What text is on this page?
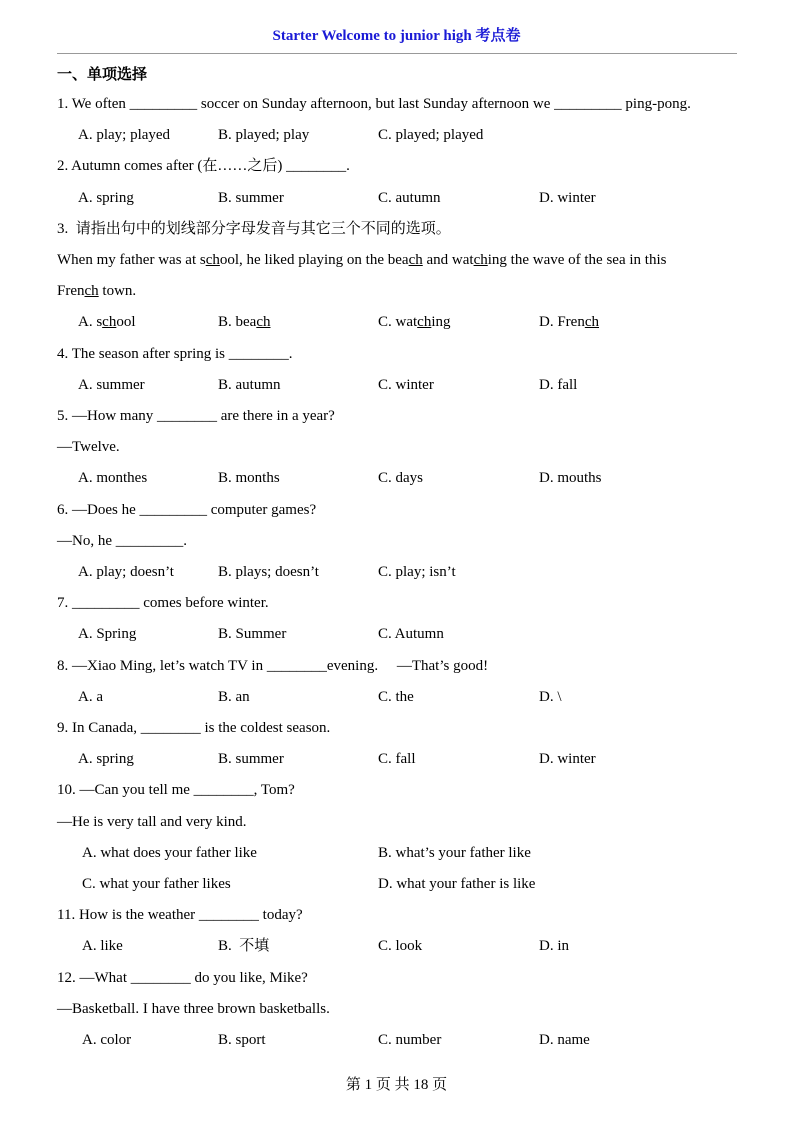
Starter Welcome to junior high 考点卷
一、单项选择
1. We often _________ soccer on Sunday afternoon, but last Sunday afternoon we _________ ping-pong.
A. play; played	B. played; play	C. played; played
2. Autumn comes after (在……之后) ________.
A. spring	B. summer	C. autumn	D. winter
3.  请指出句中的划线部分字母发音与其它三个不同的选项。
When my father was at school, he liked playing on the beach and watching the wave of the sea in this
French town.
A. school	B. beach	C. watching	D. French
4. The season after spring is ________.
A. summer	B. autumn	C. winter	D. fall
5. —How many ________ are there in a year?
—Twelve.
A. monthes	B. months	C. days	D. mouths
6. —Does he _________ computer games?
—No, he _________.
A. play; doesn’t	B. plays; doesn’t	C. play; isn’t
7. _________ comes before winter.
A. Spring	B. Summer	C. Autumn
8. —Xiao Ming, let’s watch TV in ________evening.     —That’s good!
A. a	B. an	C. the	D. \
9. In Canada, ________ is the coldest season.
A. spring	B. summer	C. fall	D. winter
10. —Can you tell me ________, Tom?
—He is very tall and very kind.
A. what does your father like	B. what’s your father like
C. what your father likes	D. what your father is like
11. How is the weather ________ today?
A. like	B.  不填	C. look	D. in
12. —What ________ do you like, Mike?
—Basketball. I have three brown basketballs.
A. color	B. sport	C. number	D. name
第 1 页 共 18 页
